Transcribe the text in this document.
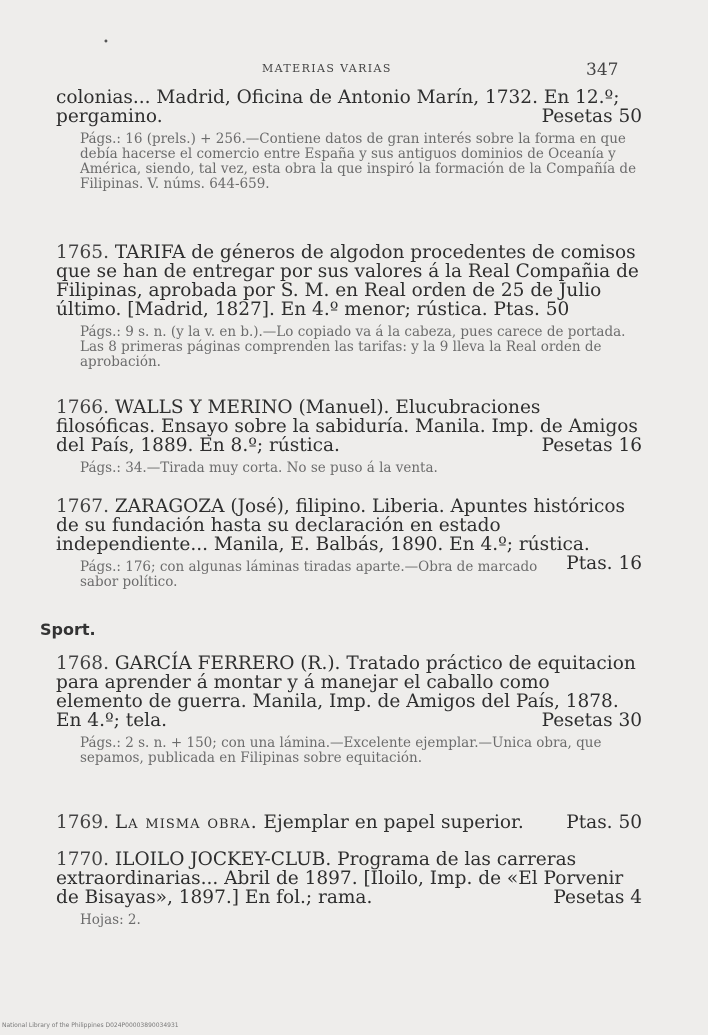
•
MATERIAS VARIAS	347

colonias... Madrid, Oficina de Antonio Marín, 1732. En 12.º;

pergamino.	Pesetas 50

Págs.: 16 (prels.) + 256.—Contiene datos de gran interés sobre la forma en que debía hacerse el comercio entre España y sus antiguos dominios de Oceanía y América, siendo, tal vez, esta obra la que inspiró la formación de la Compañía de Filipinas. V. núms. 644-659.

1765. TARIFA de géneros de algodon procedentes de comisos que se han de entregar por sus valores á la Real Compañia de Filipinas, aprobada por S. M. en Real orden de 25 de Julio último. [Madrid, 1827]. En 4.º menor; rústica. Ptas. 50

Págs.: 9 s. n. (y la v. en b.).—Lo copiado va á la cabeza, pues carece de portada. Las 8 primeras páginas comprenden las tarifas: y la 9 lleva la Real orden de aprobación.

1766. WALLS Y MERINO (Manuel). Elucubraciones filosóficas. Ensayo sobre la sabiduría. Manila. Imp. de Amigos del País, 1889. En 8.º; rústica.	Pesetas 16

Págs.: 34.—Tirada muy corta. No se puso á la venta.

1767. ZARAGOZA (José), filipino. Liberia. Apuntes históricos de su fundación hasta su declaración en estado independiente... Manila, E. Balbás, 1890. En 4.º; rústica.
Ptas. 16

Págs.: 176; con algunas láminas tiradas aparte.—Obra de marcado sabor político.

Sport.

1768. GARCÍA FERRERO (R.). Tratado práctico de equitacion para aprender á montar y á manejar el caballo como elemento de guerra. Manila, Imp. de Amigos del País, 1878. En 4.º; tela.	Pesetas 30

Págs.: 2 s. n. + 150; con una lámina.—Excelente ejemplar.—Unica obra, que sepamos, publicada en Filipinas sobre equitación.

1769. La misma obra. Ejemplar en papel superior. Ptas. 50

1770. ILOILO JOCKEY-CLUB. Programa de las carreras extraordinarias... Abril de 1897. [Iloilo, Imp. de «El Porvenir de Bisayas», 1897.] En fol.; rama.	Pesetas 4

Hojas: 2.

National Library of the Philippines D024P00003890034931
